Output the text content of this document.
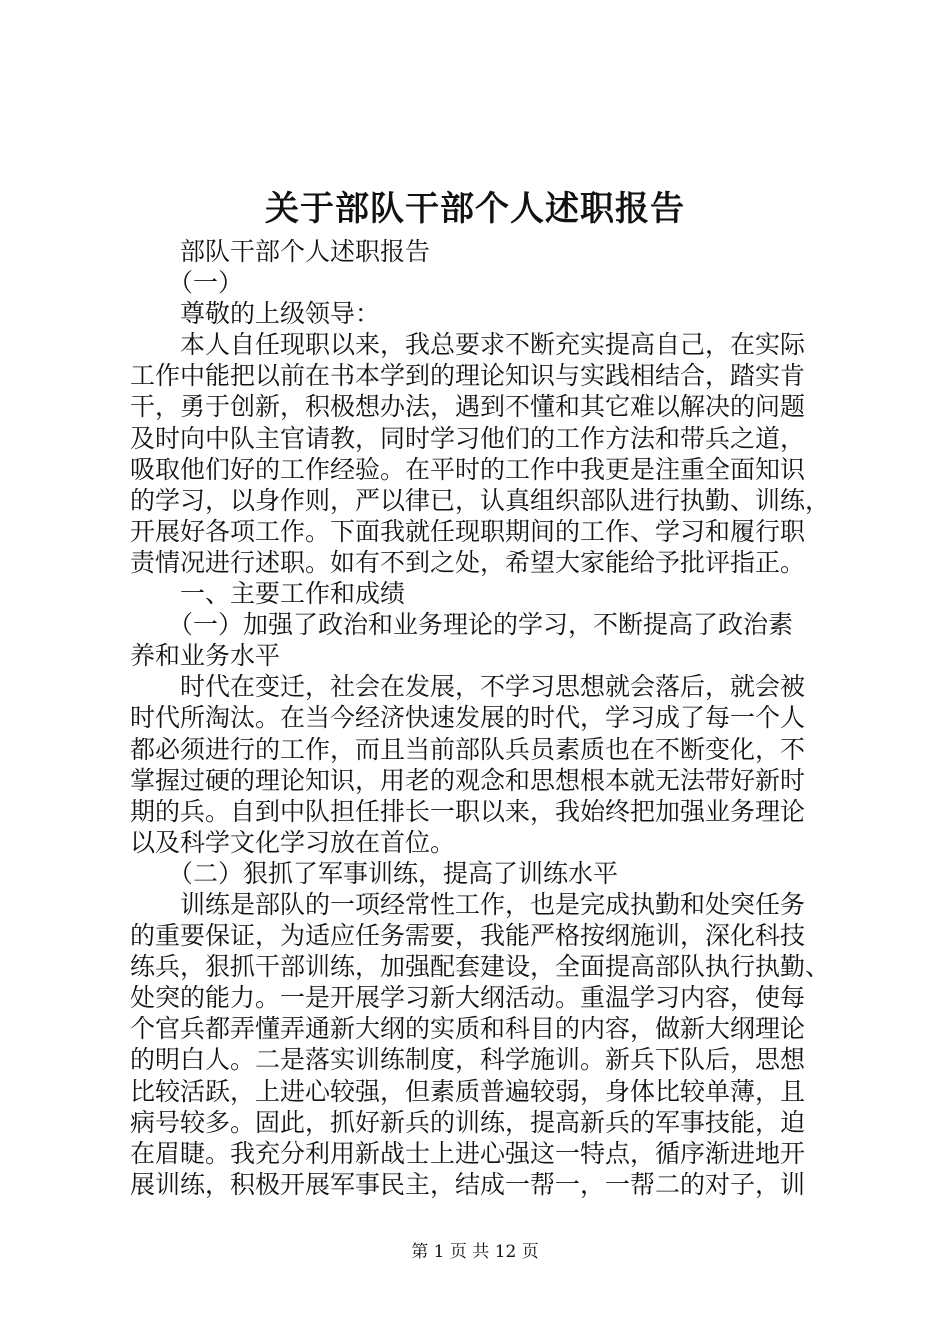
关于部队干部个人述职报告
部队干部个人述职报告
（一）
尊敬的上级领导：
本人自任现职以来，我总要求不断充实提高自己，在实际
工作中能把以前在书本学到的理论知识与实践相结合，踏实肯
干，勇于创新，积极想办法，遇到不懂和其它难以解决的问题
及时向中队主官请教，同时学习他们的工作方法和带兵之道，
吸取他们好的工作经验。在平时的工作中我更是注重全面知识
的学习，以身作则，严以律已，认真组织部队进行执勤、训练，
开展好各项工作。下面我就任现职期间的工作、学习和履行职
责情况进行述职。如有不到之处，希望大家能给予批评指正。
一、主要工作和成绩
（一）加强了政治和业务理论的学习，不断提高了政治素
养和业务水平
时代在变迁，社会在发展，不学习思想就会落后，就会被
时代所淘汰。在当今经济快速发展的时代，学习成了每一个人
都必须进行的工作，而且当前部队兵员素质也在不断变化，不
掌握过硬的理论知识，用老的观念和思想根本就无法带好新时
期的兵。自到中队担任排长一职以来，我始终把加强业务理论
以及科学文化学习放在首位。
（二）狠抓了军事训练，提高了训练水平
训练是部队的一项经常性工作，也是完成执勤和处突任务
的重要保证，为适应任务需要，我能严格按纲施训，深化科技
练兵，狠抓干部训练，加强配套建设，全面提高部队执行执勤、
处突的能力。一是开展学习新大纲活动。重温学习内容，使每
个官兵都弄懂弄通新大纲的实质和科目的内容，做新大纲理论
的明白人。二是落实训练制度，科学施训。新兵下队后，思想
比较活跃，上进心较强，但素质普遍较弱，身体比较单薄，且
病号较多。固此，抓好新兵的训练，提高新兵的军事技能，迫
在眉睫。我充分利用新战士上进心强这一特点，循序渐进地开
展训练，积极开展军事民主，结成一帮一，一帮二的对子，训
第 1 页 共 12 页
